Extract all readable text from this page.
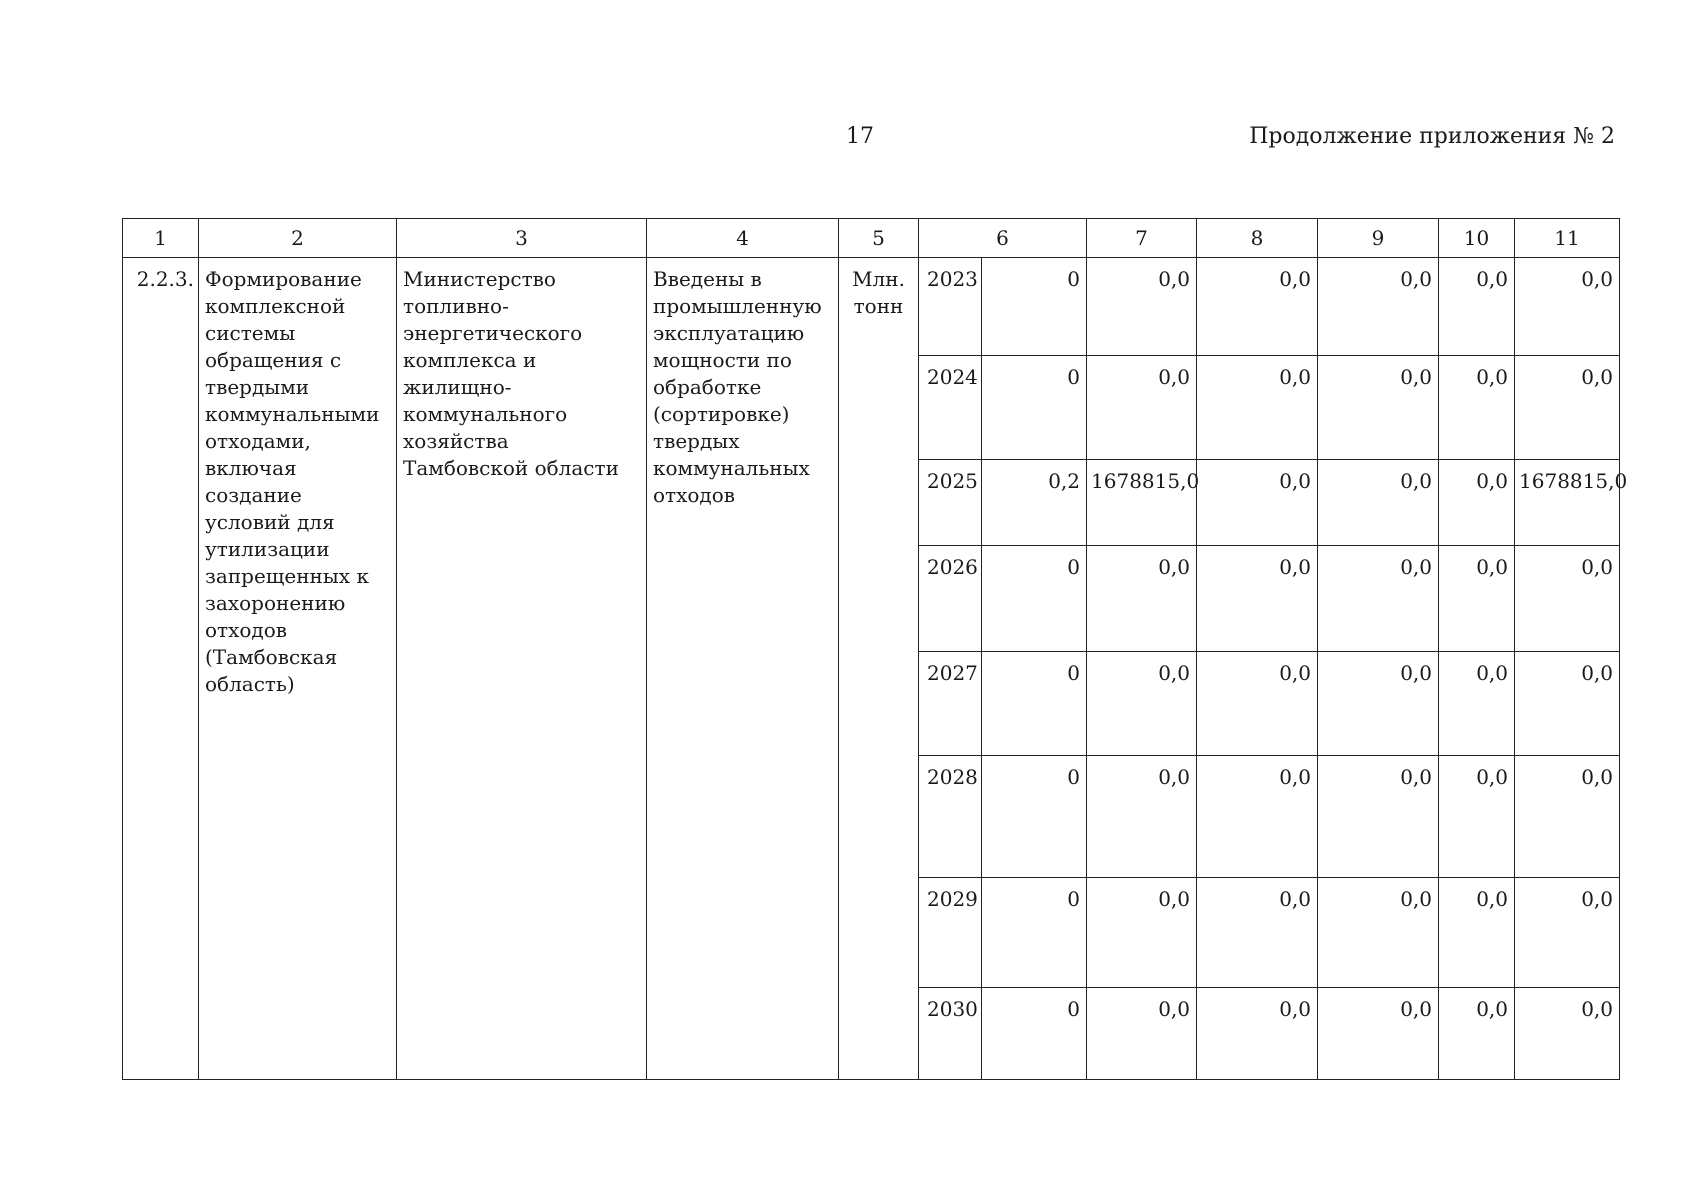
17	Продолжение приложения № 2
1	2	3	4	5	6		7	8	9	10	11
2.2.3.	Формирование комплексной системы обращения с твердыми коммунальными отходами, включая создание условий для утилизации запрещенных к захоронению отходов (Тамбовская область)	Министерство топливно-энергетического комплекса и жилищно-коммунального хозяйства Тамбовской области	Введены в промышленную эксплуатацию мощности по обработке (сортировке) твердых коммунальных отходов	Млн. тонн	2023	0	0,0	0,0	0,0	0,0	0,0
					2024	0	0,0	0,0	0,0	0,0	0,0
					2025	0,2	1678815,0	0,0	0,0	0,0	1678815,0
					2026	0	0,0	0,0	0,0	0,0	0,0
					2027	0	0,0	0,0	0,0	0,0	0,0
					2028	0	0,0	0,0	0,0	0,0	0,0
					2029	0	0,0	0,0	0,0	0,0	0,0
					2030	0	0,0	0,0	0,0	0,0	0,0
